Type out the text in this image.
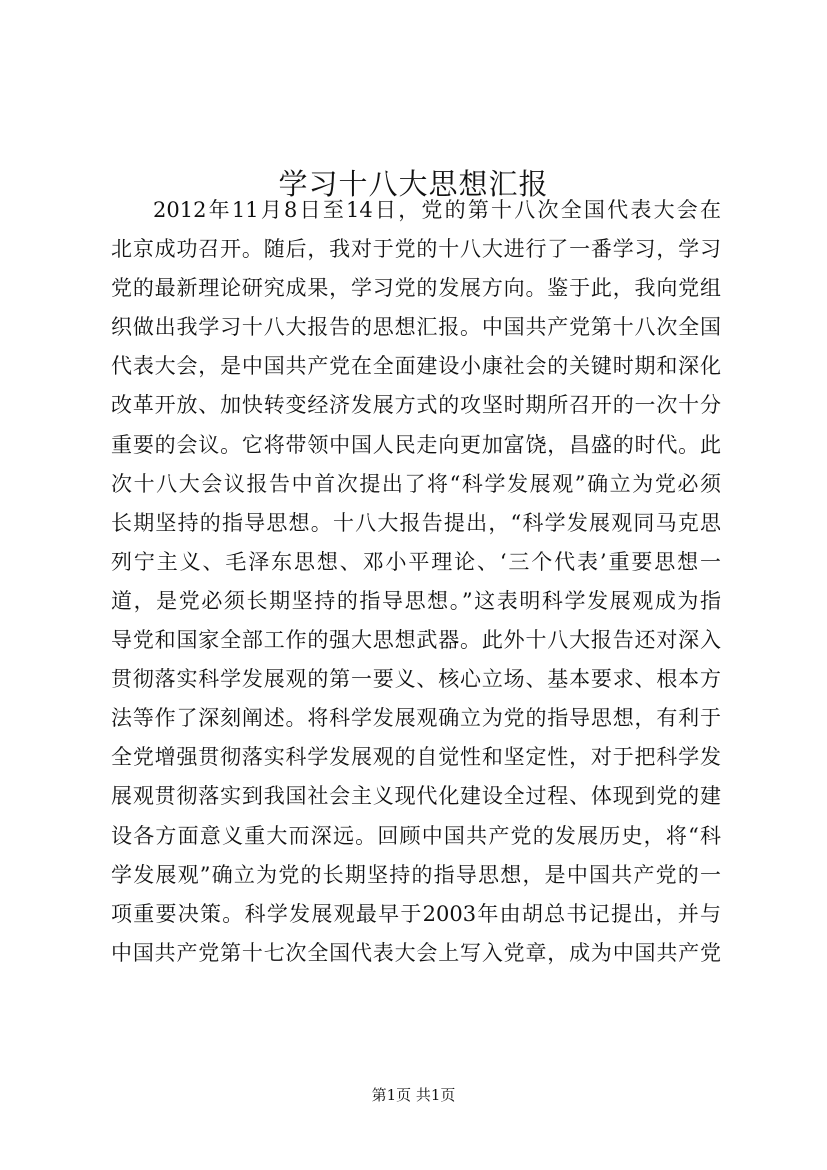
学习十八大思想汇报
2012年11月8日至14日，党的第十八次全国代表大会在
北京成功召开。随后，我对于党的十八大进行了一番学习，学习
党的最新理论研究成果，学习党的发展方向。鉴于此，我向党组
织做出我学习十八大报告的思想汇报。中国共产党第十八次全国
代表大会，是中国共产党在全面建设小康社会的关键时期和深化
改革开放、加快转变经济发展方式的攻坚时期所召开的一次十分
重要的会议。它将带领中国人民走向更加富饶，昌盛的时代。此
次十八大会议报告中首次提出了将“科学发展观”确立为党必须
长期坚持的指导思想。十八大报告提出，“科学发展观同马克思
列宁主义、毛泽东思想、邓小平理论、‘三个代表’重要思想一
道，是党必须长期坚持的指导思想。”这表明科学发展观成为指
导党和国家全部工作的强大思想武器。此外十八大报告还对深入
贯彻落实科学发展观的第一要义、核心立场、基本要求、根本方
法等作了深刻阐述。将科学发展观确立为党的指导思想，有利于
全党增强贯彻落实科学发展观的自觉性和坚定性，对于把科学发
展观贯彻落实到我国社会主义现代化建设全过程、体现到党的建
设各方面意义重大而深远。回顾中国共产党的发展历史，将“科
学发展观”确立为党的长期坚持的指导思想，是中国共产党的一
项重要决策。科学发展观最早于2003年由胡总书记提出，并与
中国共产党第十七次全国代表大会上写入党章，成为中国共产党
第1页 共1页
